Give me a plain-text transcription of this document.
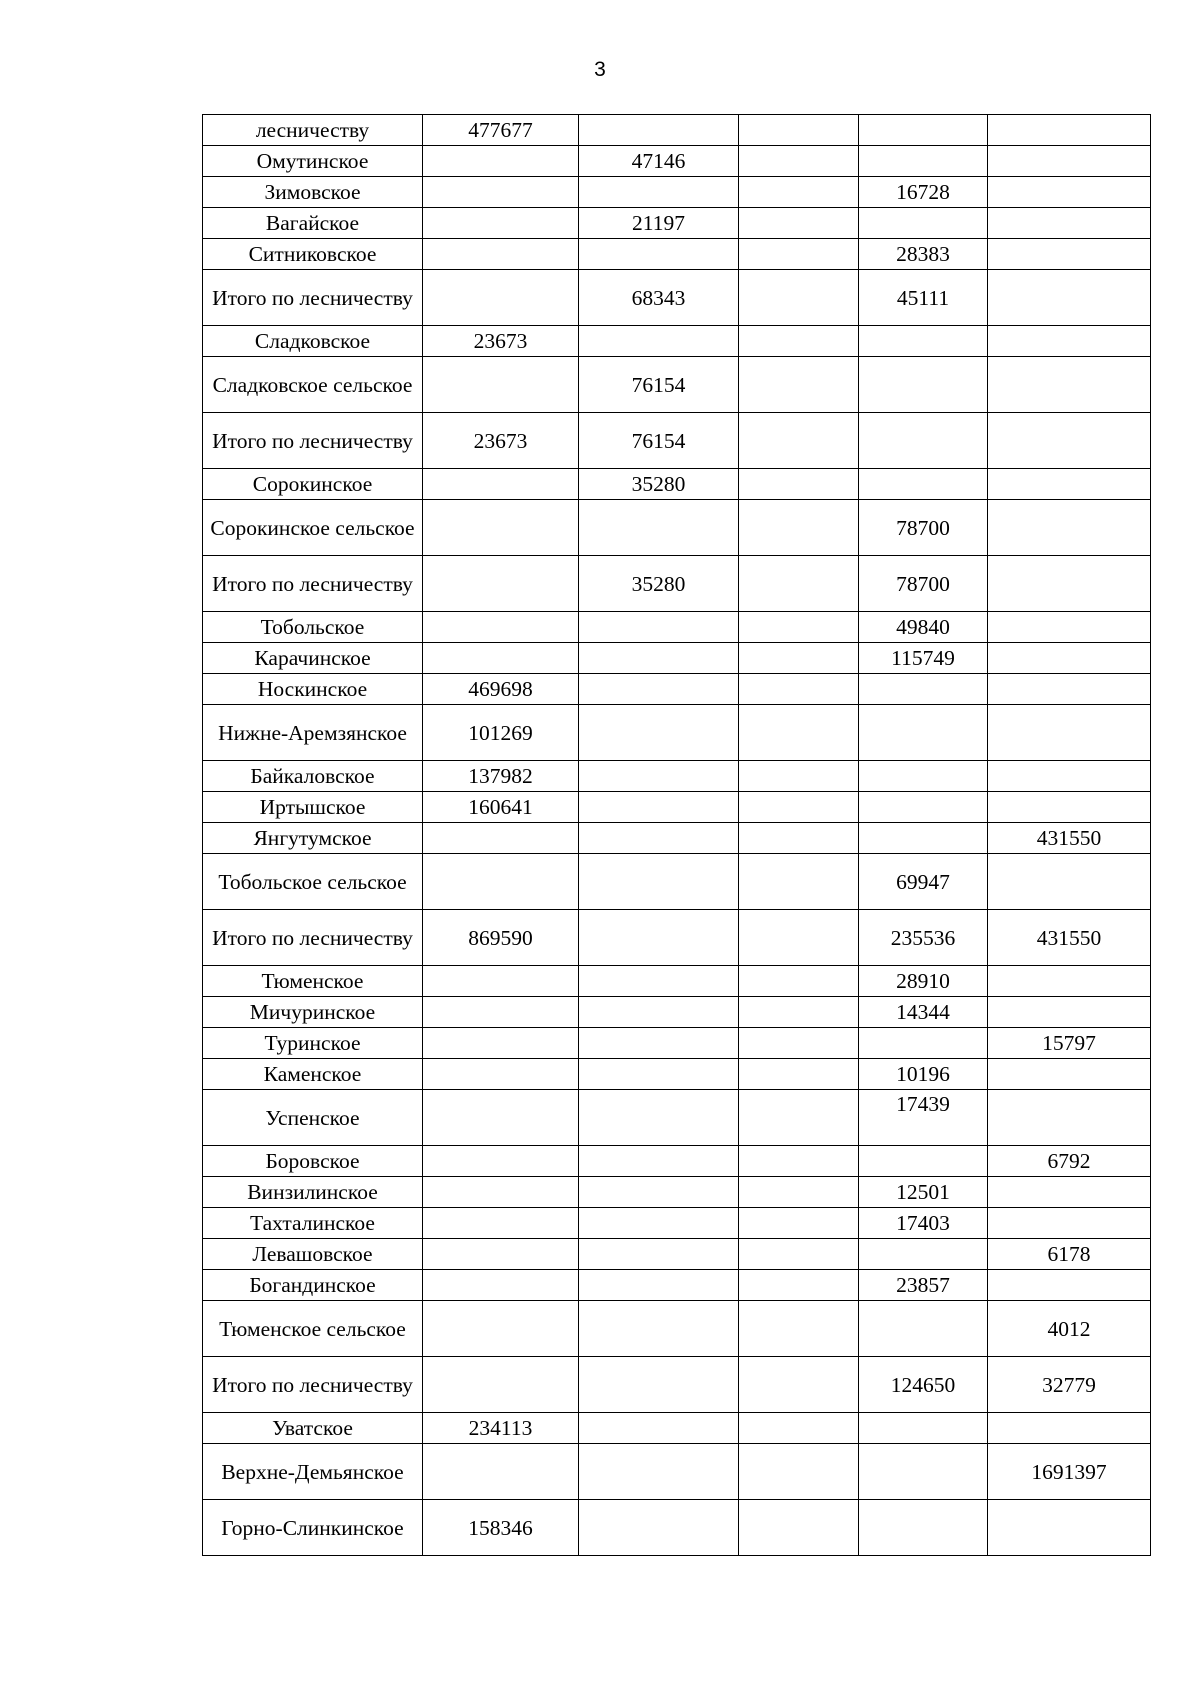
3
лесничеству	477677				
Омутинское		47146			
Зимовское				16728	
Вагайское		21197			
Ситниковское				28383	
Итого по лесничеству		68343		45111	
Сладковское	23673				
Сладковское сельское		76154			
Итого по лесничеству	23673	76154			
Сорокинское		35280			
Сорокинское сельское				78700	
Итого по лесничеству		35280		78700	
Тобольское				49840	
Карачинское				115749	
Носкинское	469698				
Нижне-Аремзянское	101269				
Байкаловское	137982				
Иртышское	160641				
Янгутумское					431550
Тобольское сельское				69947	
Итого по лесничеству	869590			235536	431550
Тюменское				28910	
Мичуринское				14344	
Туринское					15797
Каменское				10196	
Успенское				17439	
Боровское					6792
Винзилинское				12501	
Тахталинское				17403	
Левашовское					6178
Богандинское				23857	
Тюменское сельское					4012
Итого по лесничеству				124650	32779
Уватское	234113				
Верхне-Демьянское					1691397
Горно-Слинкинское	158346				
